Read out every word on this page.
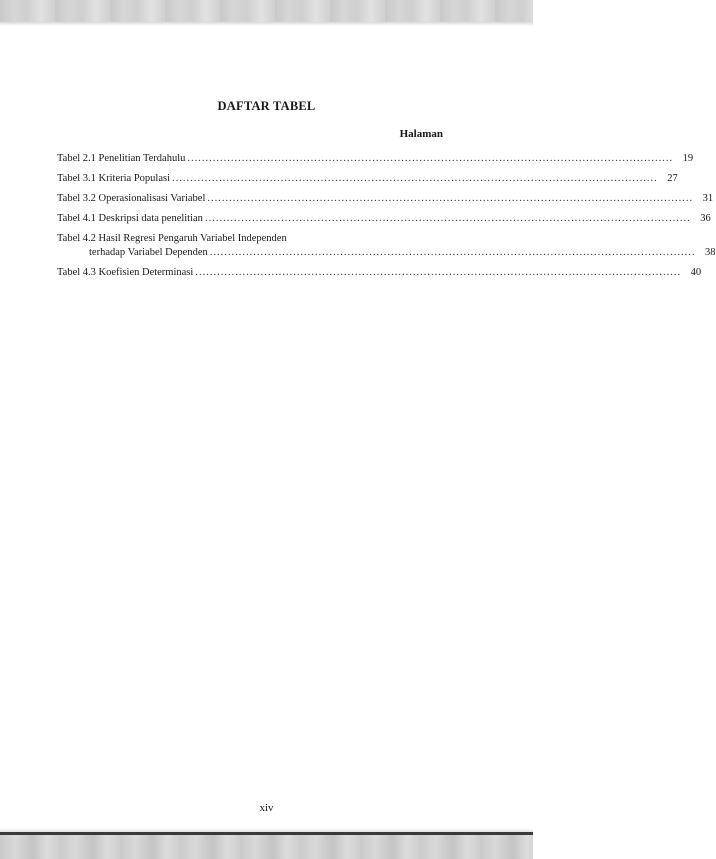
DAFTAR TABEL
Halaman
Tabel 2.1 Penelitian Terdahulu ...................................................................................................................................... 19
Tabel 3.1 Kriteria Populasi ...................................................................................................................................... 27
Tabel 3.2 Operasionalisasi Variabel ...................................................................................................................................... 31
Tabel 4.1 Deskripsi data penelitian ...................................................................................................................................... 36
Tabel 4.2 Hasil Regresi Pengaruh Variabel Independen
terhadap Variabel Dependen ...................................................................................................................................... 38
Tabel 4.3 Koefisien Determinasi ...................................................................................................................................... 40
xiv
